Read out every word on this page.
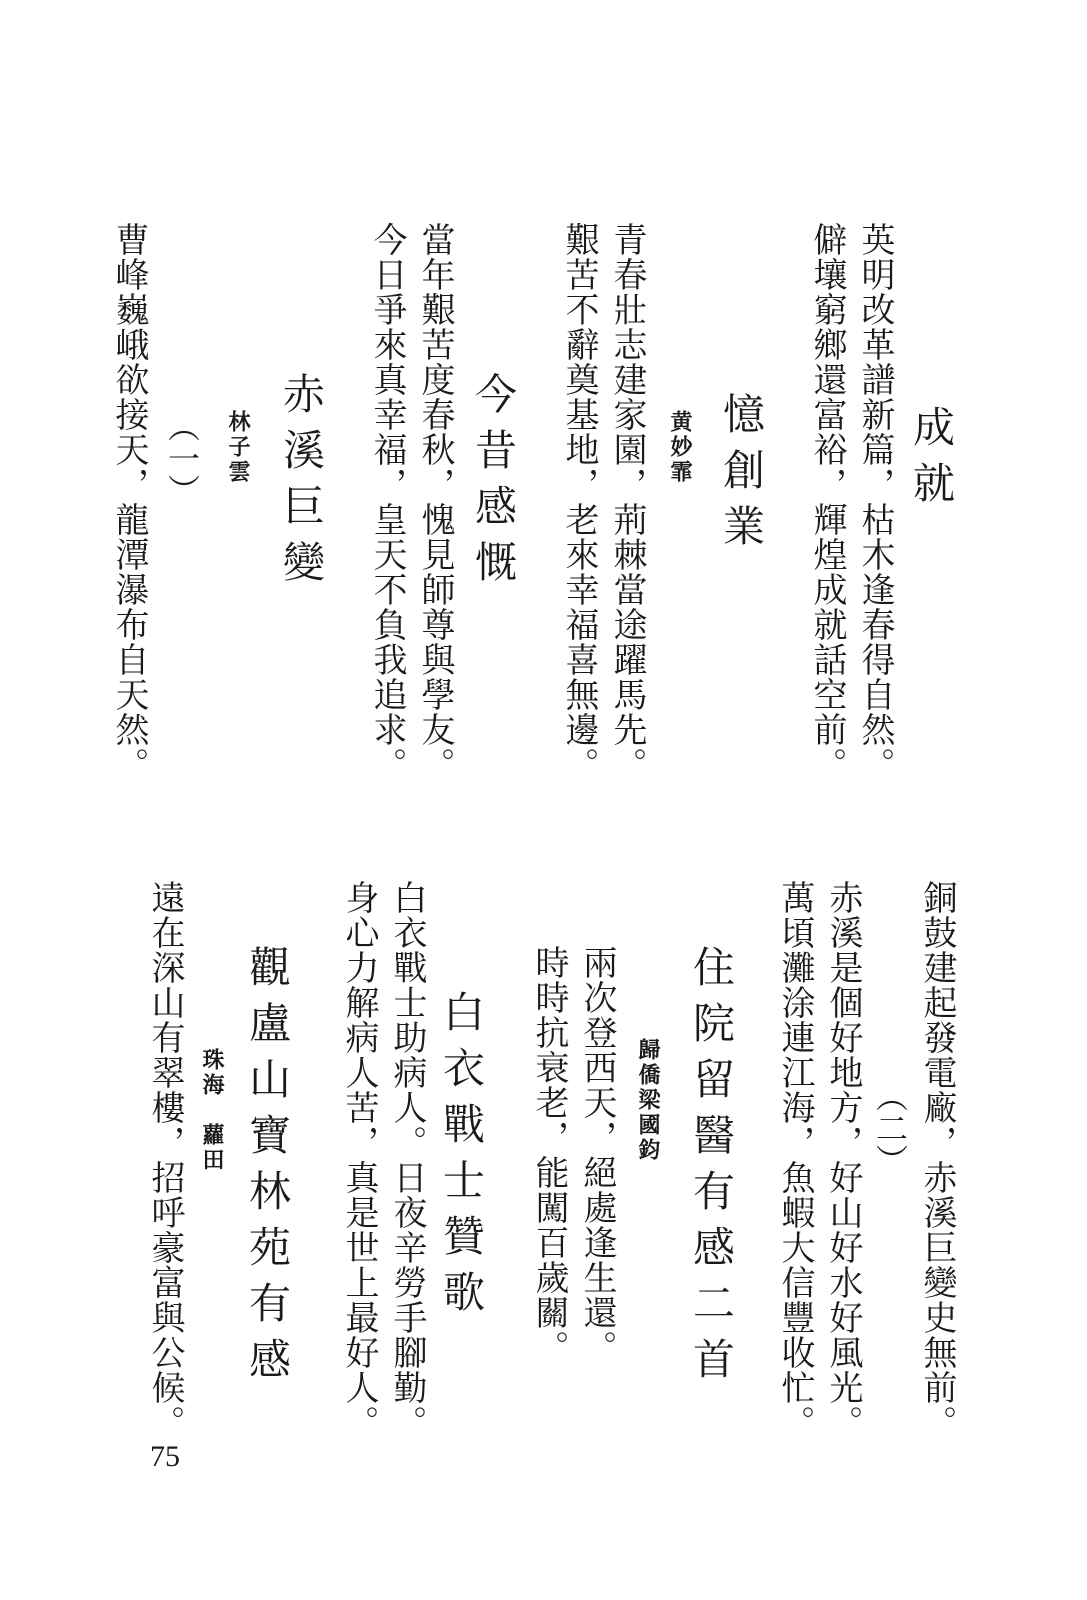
成就
英明改革譜新篇，枯木逢春得自然。
僻壤窮鄉還富裕，輝煌成就話空前。
憶創業
黄妙霏
青春壯志建家園，荊棘當途躍馬先。
艱苦不辭奠基地，老來幸福喜無邊。
今昔感慨
當年艱苦度春秋，愧見師尊與學友。
今日爭來真幸福，皇天不負我追求。
赤溪巨變
林子雲
（一）
曹峰巍峨欲接天，龍潭瀑布自天然。
銅鼓建起發電廠，赤溪巨變史無前。
（二）
赤溪是個好地方，好山好水好風光。
萬頃灘涂連江海，魚蝦大信豐收忙。
住院留醫有感二首
歸僑梁國鈞
兩次登西天，絕處逢生還。
時時抗衰老，能闖百歲關。
白衣戰士贊歌
白衣戰士助病人。日夜辛勞手腳勤。
身心力解病人苦，真是世上最好人。
觀盧山寶林苑有感
珠海　蘿田
遠在深山有翠樓，招呼豪富與公候。
75
